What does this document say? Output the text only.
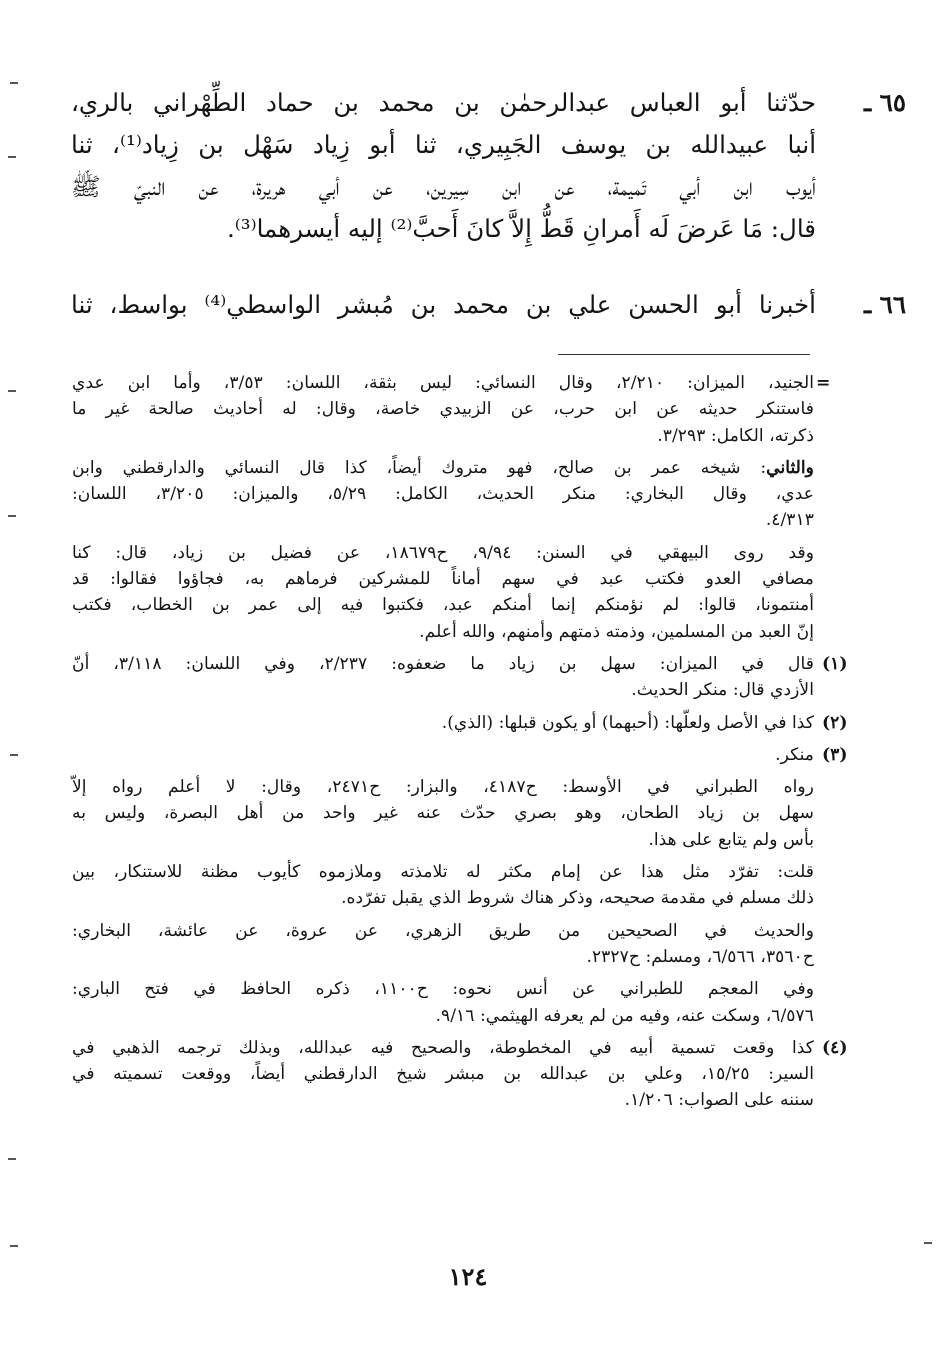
٦٥ ـ
حدّثنا أبو العباس عبدالرحمٰن بن محمد بن حماد الطِّهْراني بالري،
أنبا عبيدالله بن يوسف الجَبِيري، ثنا أبو زِياد سَهْل بن زِياد⁽¹⁾، ثنا
أيوب ابن أبي تَميمة، عن ابن سِيرين، عن أبي هريرة، عن النبيّ ﷺ
قال: مَا عَرضَ لَه أَمرانِ قَطُّ إِلاَّ كانَ أَحبَّ⁽²⁾ إليه أيسرهما⁽³⁾.
٦٦ ـ
أخبرنا أبو الحسن علي بن محمد بن مُبشر الواسطي⁽⁴⁾ بواسط، ثنا
=
الجنيد، الميزان: ٢/٢١٠، وقال النسائي: ليس بثقة، اللسان: ٣/٥٣، وأما ابن عدي
فاستنكر حديثه عن ابن حرب، عن الزبيدي خاصة، وقال: له أحاديث صالحة غير ما
ذكرته، الكامل: ٣/٢٩٣.
والثاني: شيخه عمر بن صالح، فهو متروك أيضاً، كذا قال النسائي والدارقطني وابن
عدي، وقال البخاري: منكر الحديث، الكامل: ٥/٢٩، والميزان: ٣/٢٠٥، اللسان:
٤/٣١٣.
وقد روى البيهقي في السنن: ٩/٩٤، ح١٨٦٧٩، عن فضيل بن زياد، قال: كنا
مصافي العدو فكتب عبد في سهم أماناً للمشركين فرماهم به، فجاؤوا فقالوا: قد
أمنتمونا، قالوا: لم نؤمنكم إنما أمنكم عبد، فكتبوا فيه إلى عمر بن الخطاب، فكتب
إنّ العبد من المسلمين، وذمته ذمتهم وأمنهم، والله أعلم.
(١)
قال في الميزان: سهل بن زياد ما ضعفوه: ٢/٢٣٧، وفي اللسان: ٣/١١٨، أنّ
الأزدي قال: منكر الحديث.
(٢)
كذا في الأصل ولعلّها: (أحبهما) أو يكون قبلها: (الذي).
(٣)
منكر.
رواه الطبراني في الأوسط: ح٤١٨٧، والبزار: ح٢٤٧١، وقال: لا أعلم رواه إلاّ
سهل بن زياد الطحان، وهو بصري حدّث عنه غير واحد من أهل البصرة، وليس به
بأس ولم يتابع على هذا.
قلت: تفرّد مثل هذا عن إمام مكثر له تلامذته وملازموه كأيوب مظنة للاستنكار، بين
ذلك مسلم في مقدمة صحيحه، وذكر هناك شروط الذي يقبل تفرّده.
والحديث في الصحيحين من طريق الزهري، عن عروة، عن عائشة، البخاري:
ح٣٥٦٠، ٦/٥٦٦، ومسلم: ح٢٣٢٧.
وفي المعجم للطبراني عن أنس نحوه: ح١١٠٠، ذكره الحافظ في فتح الباري:
٦/٥٧٦، وسكت عنه، وفيه من لم يعرفه الهيثمي: ٩/١٦.
(٤)
كذا وقعت تسمية أبيه في المخطوطة، والصحيح فيه عبدالله، وبذلك ترجمه الذهبي في
السير: ١٥/٢٥، وعلي بن عبدالله بن مبشر شيخ الدارقطني أيضاً، ووقعت تسميته في
سننه على الصواب: ١/٢٠٦.
١٢٤
